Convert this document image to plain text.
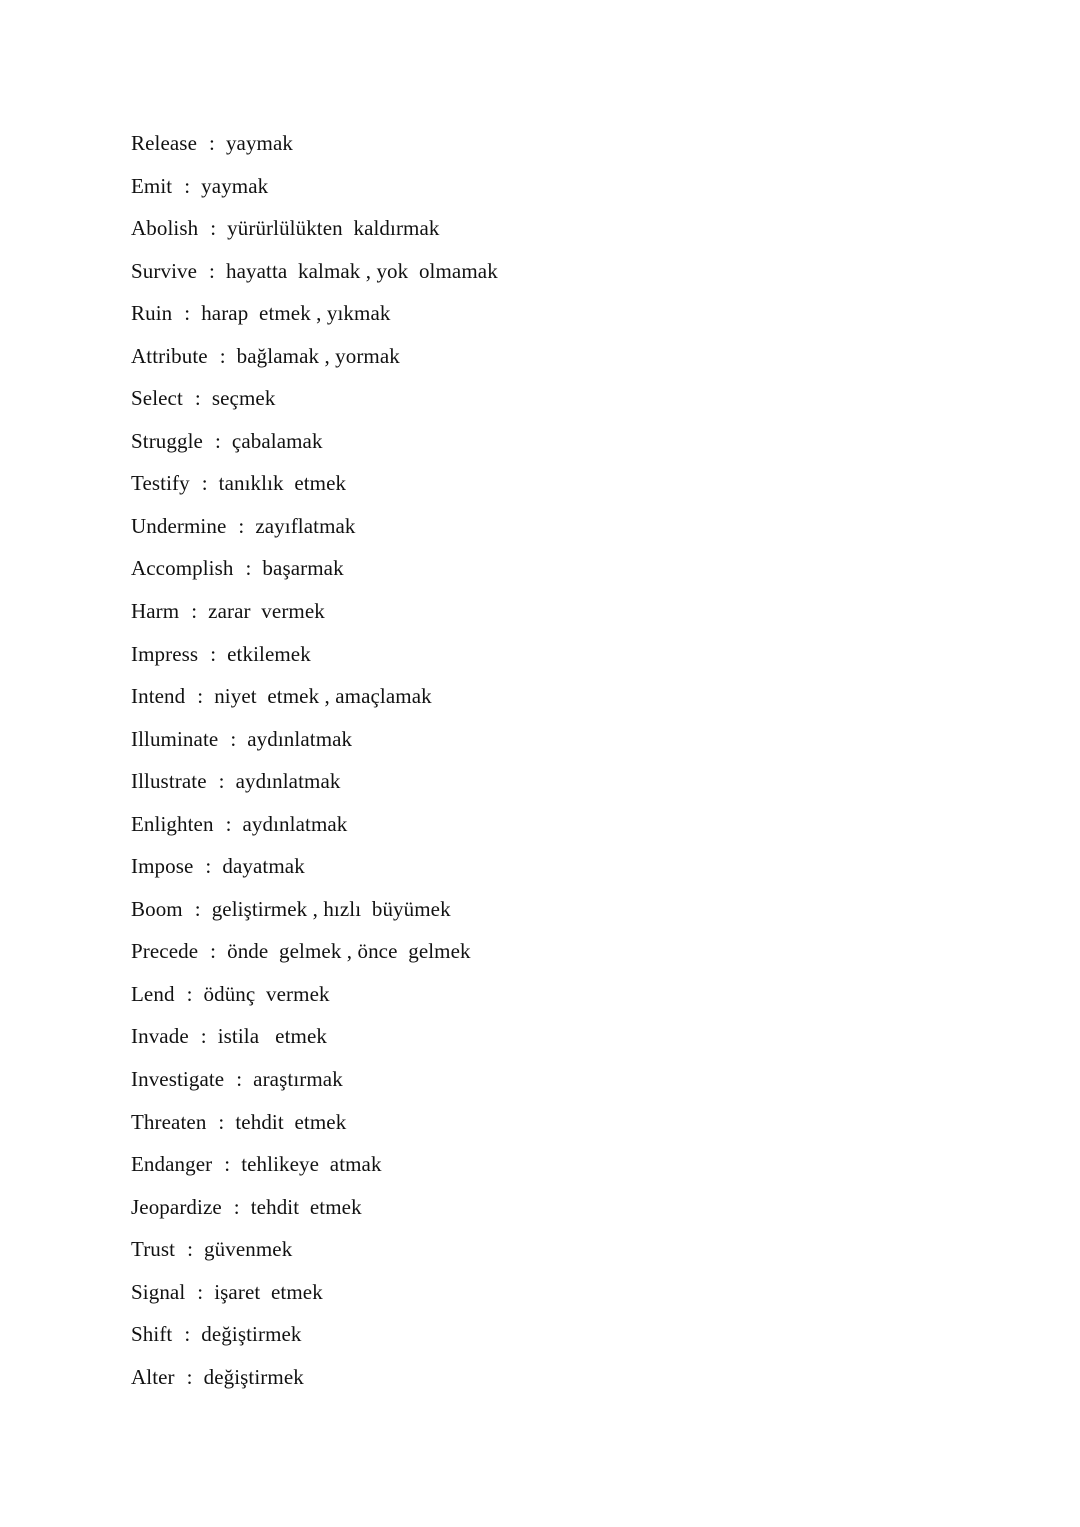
Release : yaymak
Emit : yaymak
Abolish : yürürlülükten  kaldırmak
Survive : hayatta  kalmak , yok  olmamak
Ruin : harap  etmek , yıkmak
Attribute : bağlamak , yormak
Select : seçmek
Struggle : çabalamak
Testify : tanıklık  etmek
Undermine : zayıflatmak
Accomplish : başarmak
Harm : zarar  vermek
Impress : etkilemek
Intend : niyet  etmek , amaçlamak
Illuminate : aydınlatmak
Illustrate : aydınlatmak
Enlighten : aydınlatmak
Impose : dayatmak
Boom : geliştirmek , hızlı  büyümek
Precede : önde  gelmek , önce  gelmek
Lend : ödünç  vermek
Invade : istila   etmek
Investigate : araştırmak
Threaten : tehdit  etmek
Endanger : tehlikeye  atmak
Jeopardize : tehdit  etmek
Trust : güvenmek
Signal : işaret  etmek
Shift : değiştirmek
Alter : değiştirmek
